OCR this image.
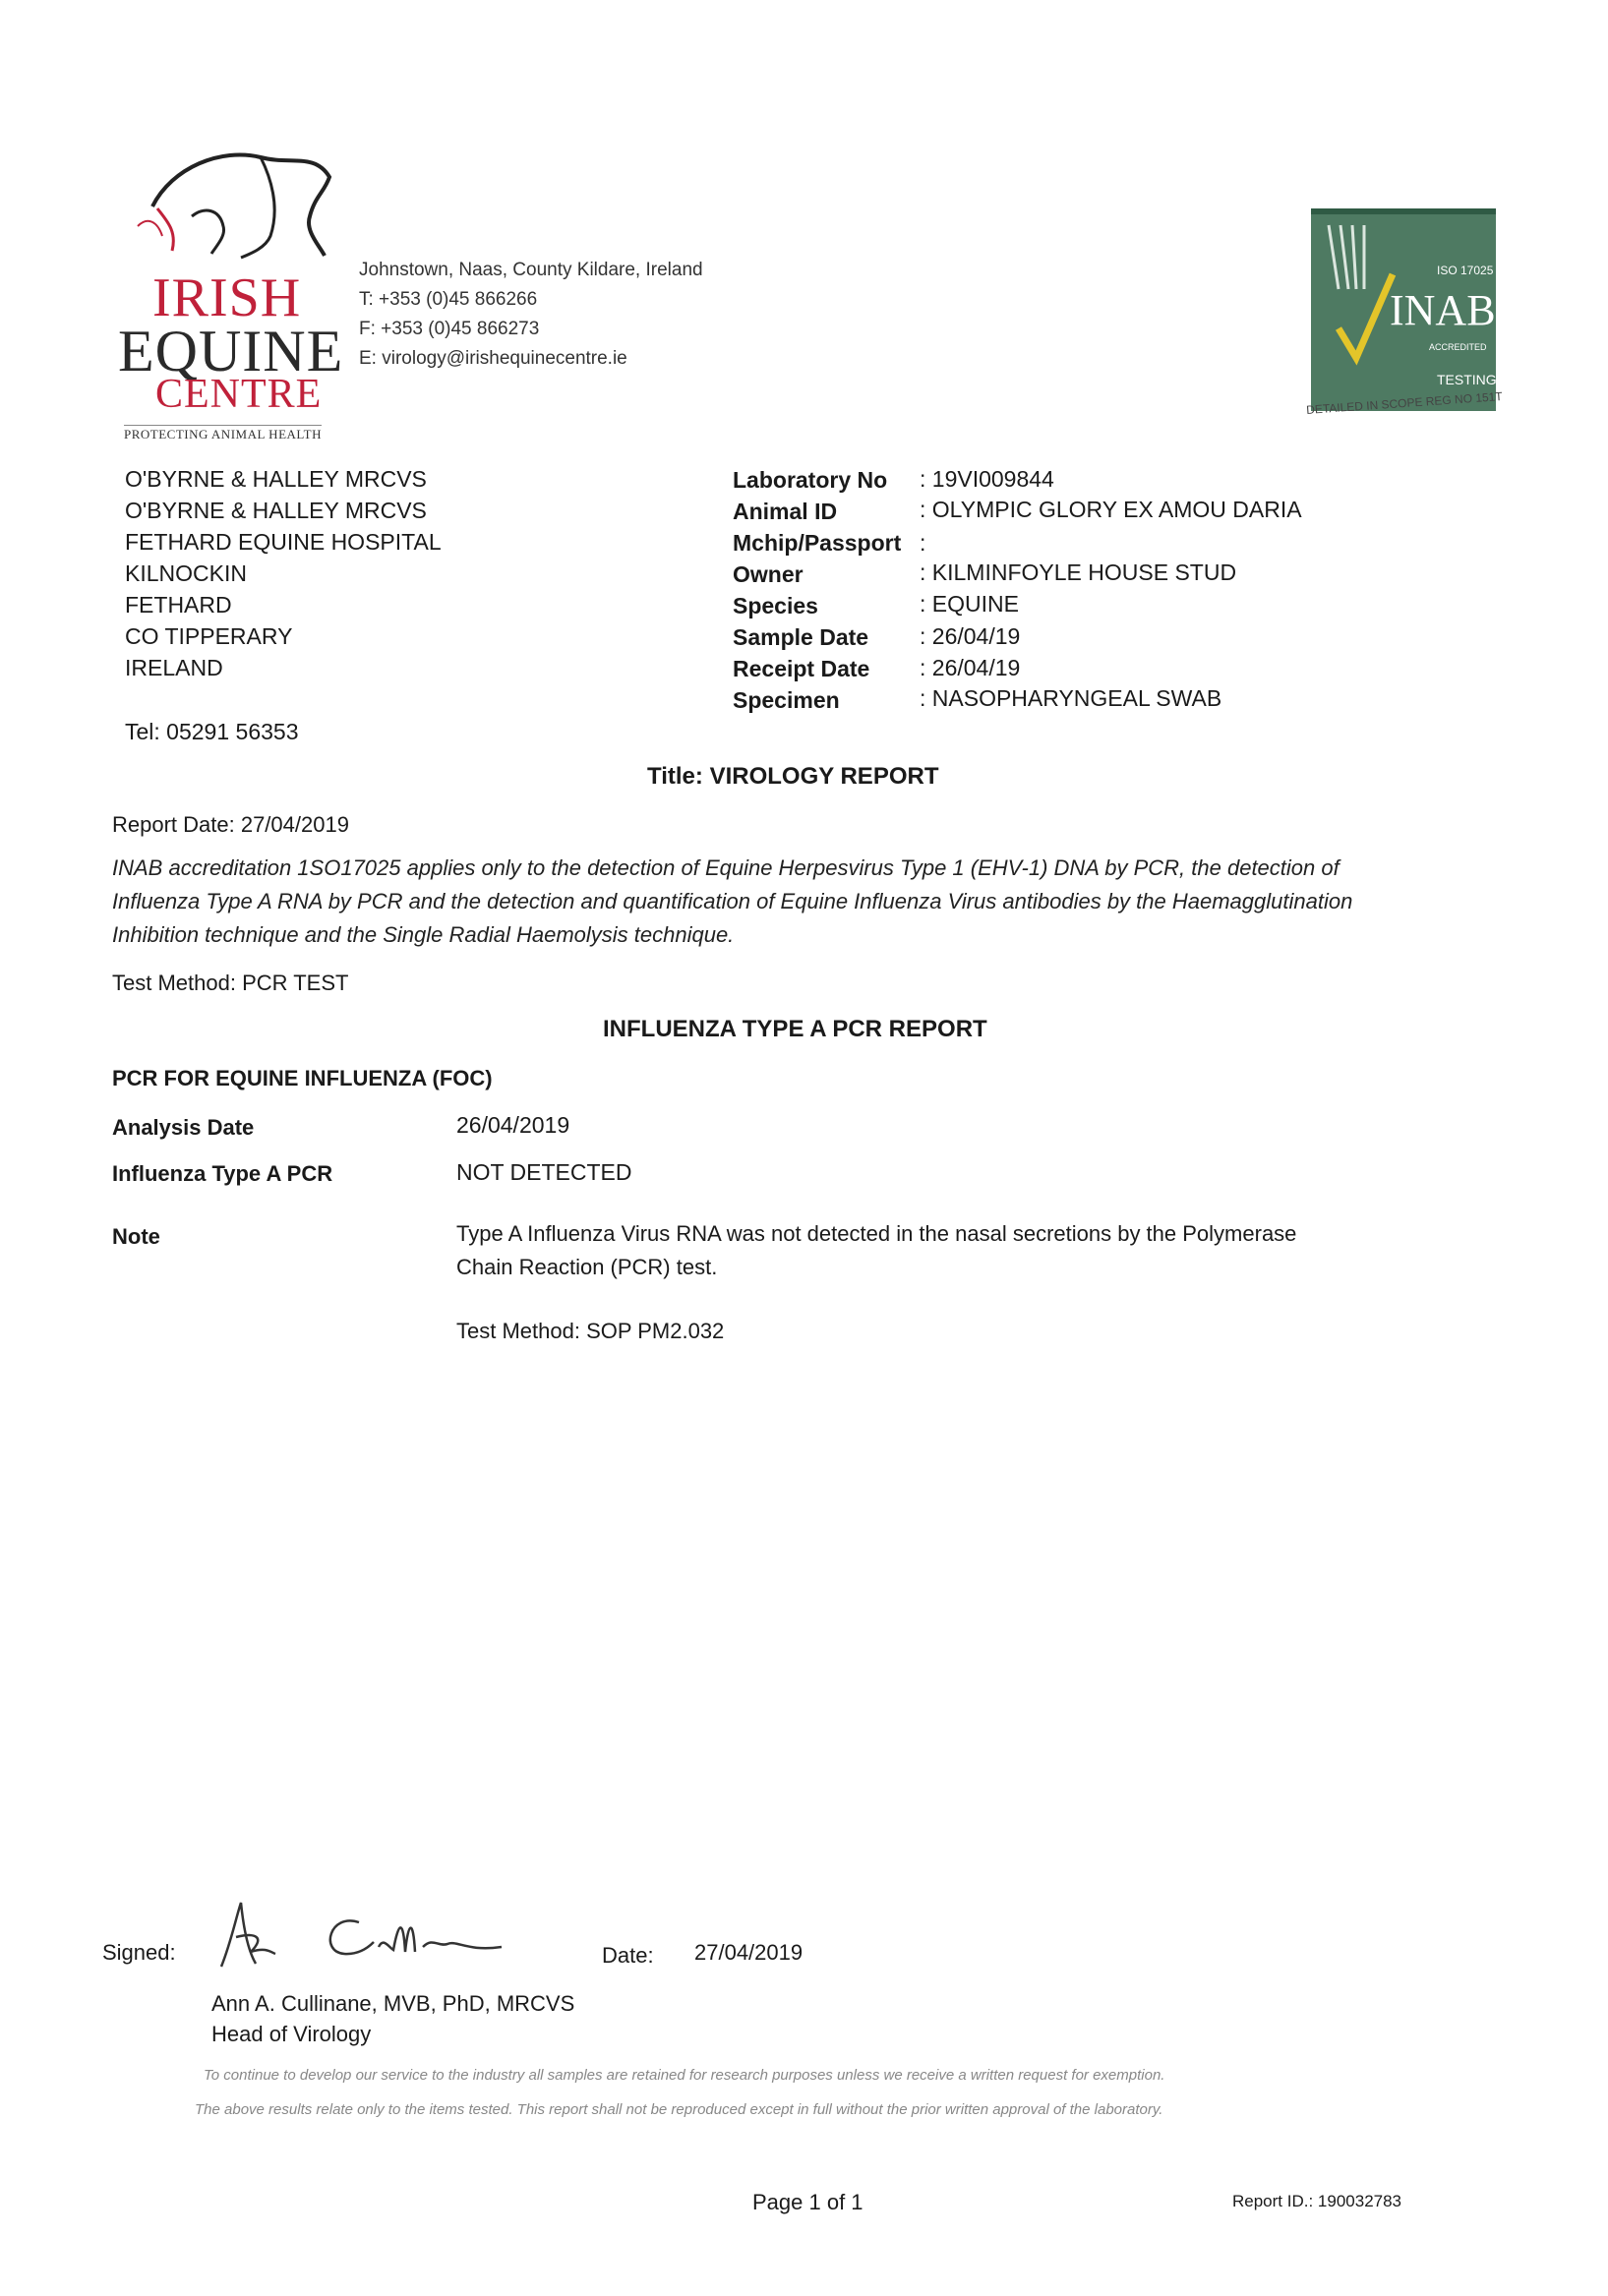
IRISH
EQUINE
CENTRE
PROTECTING ANIMAL HEALTH
Johnstown, Naas, County Kildare, Ireland
T: +353 (0)45 866266
F: +353 (0)45 866273
E: virology@irishequinecentre.ie
ISO 17025
INAB
ACCREDITED
TESTING
DETAILED IN SCOPE REG NO 151T
O'BYRNE & HALLEY MRCVS
O'BYRNE & HALLEY MRCVS
FETHARD EQUINE HOSPITAL
KILNOCKIN
FETHARD
CO TIPPERARY
IRELAND
Tel: 05291 56353
Laboratory No : 19VI009844
Animal ID	: OLYMPIC GLORY EX AMOU DARIA
Mchip/Passport :
Owner	: KILMINFOYLE HOUSE STUD
Species	: EQUINE
Sample Date : 26/04/19
Receipt Date : 26/04/19
Specimen	: NASOPHARYNGEAL SWAB
Title: VIROLOGY REPORT
Report Date: 27/04/2019
INAB accreditation 1SO17025 applies only to the detection of Equine Herpesvirus Type 1 (EHV-1) DNA by PCR, the detection of Influenza Type A RNA by PCR and the detection and quantification of Equine Influenza Virus antibodies by the Haemagglutination Inhibition technique and the Single Radial Haemolysis technique.
Test Method: PCR TEST
INFLUENZA TYPE A PCR REPORT
PCR FOR EQUINE INFLUENZA (FOC)
Analysis Date	26/04/2019
Influenza Type A PCR	NOT DETECTED
Note	Type A Influenza Virus RNA was not detected in the nasal secretions by the Polymerase Chain Reaction (PCR) test.
Test Method: SOP PM2.032
Signed:	Date: 27/04/2019
Ann A. Cullinane, MVB, PhD, MRCVS
Head of Virology
To continue to develop our service to the industry all samples are retained for research purposes unless we receive a written request for exemption.
The above results relate only to the items tested. This report shall not be reproduced except in full without the prior written approval of the laboratory.
Page 1 of 1	Report ID.: 190032783
